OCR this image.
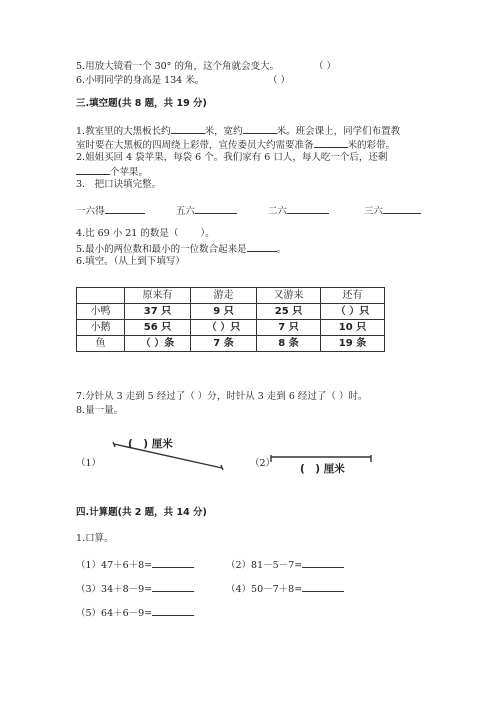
5.用放大镜看一个 30° 的角，这个角就会变大。	（ ）
6.小明同学的身高是 134 米。	（ ）
三.填空题(共 8 题，共 19 分)
1.教室里的大黑板长约	米，宽约	米。班会课上，同学们布置教
室时要在大黑板的四周绕上彩带，宣传委员大约需要准备	米的彩带。
2.姐姐买回 4 袋苹果，每袋 6 个。我们家有 6 口人，每人吃一个后，还剩
个苹果。
3.　把口诀填完整。
一六得	五六	二六	三六
4.比 69 小 21 的数是（ ）。
5.最小的两位数和最小的一位数合起来是	。
6.填空。（从上到下填写）
	原来有	游走	又游来	还有
小鸭	37 只	9 只	25 只	（ ）只
小鹅	56 只	（ ）只	7 只	10 只
鱼	（ ）条	7 条	8 条	19 条
7.分针从 3 走到 5 经过了（ ）分，时针从 3 走到 6 经过了（ ）时。
8.量一量。
（1）
(　) 厘米
（2） (　) 厘米
四.计算题(共 2 题，共 14 分)
1.口算。
（1）47＋6＋8=	（2）81－5－7=
（3）34＋8－9=	（4）50－7＋8=
（5）64＋6－9=
